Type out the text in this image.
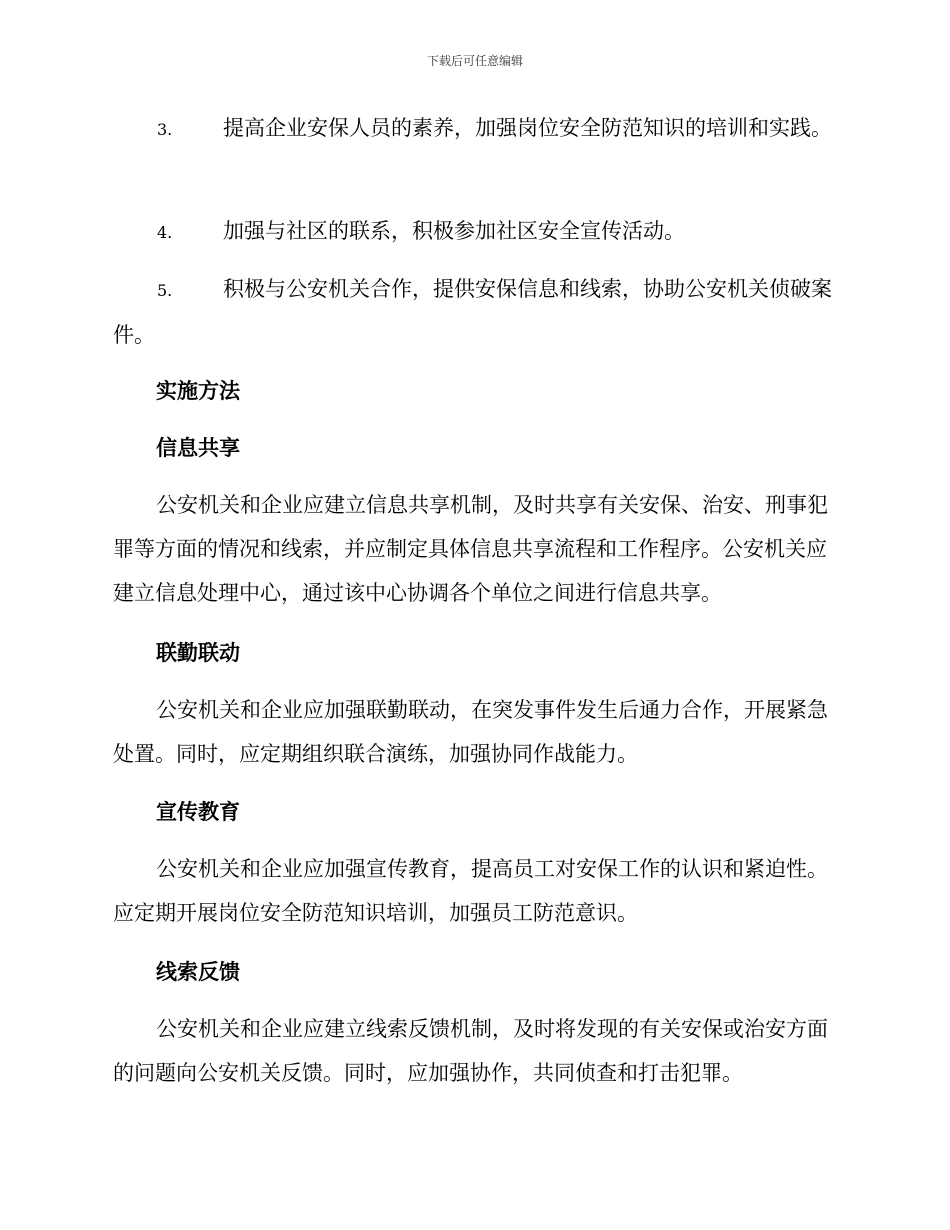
下载后可任意编辑

3. 提高企业安保人员的素养，加强岗位安全防范知识的培训和实践。

4. 加强与社区的联系，积极参加社区安全宣传活动。

5. 积极与公安机关合作，提供安保信息和线索，协助公安机关侦破案件。

实施方法
信息共享

公安机关和企业应建立信息共享机制，及时共享有关安保、治安、刑事犯罪等方面的情况和线索，并应制定具体信息共享流程和工作程序。公安机关应建立信息处理中心，通过该中心协调各个单位之间进行信息共享。

联勤联动

公安机关和企业应加强联勤联动，在突发事件发生后通力合作，开展紧急处置。同时，应定期组织联合演练，加强协同作战能力。

宣传教育

公安机关和企业应加强宣传教育，提高员工对安保工作的认识和紧迫性。应定期开展岗位安全防范知识培训，加强员工防范意识。

线索反馈

公安机关和企业应建立线索反馈机制，及时将发现的有关安保或治安方面的问题向公安机关反馈。同时，应加强协作，共同侦查和打击犯罪。
